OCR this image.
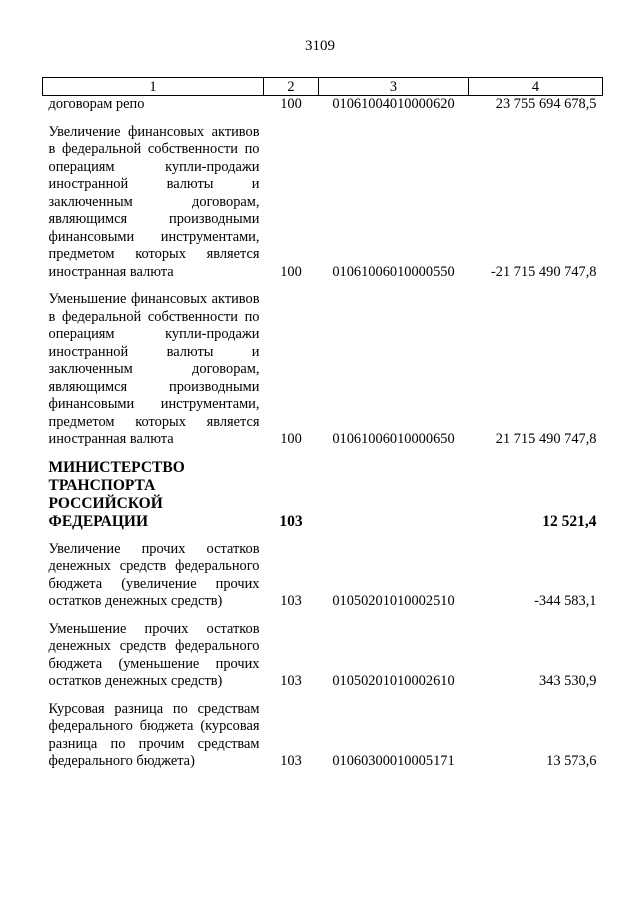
3109
1	2	3	4
договорам репо	100	01061004010000620	23 755 694 678,5
Увеличение финансовых активов в федеральной собственности по операциям купли-продажи иностранной валюты и заключенным договорам, являющимся производными финансовыми инструментами, предметом которых является иностранная валюта	100	01061006010000550	-21 715 490 747,8
Уменьшение финансовых активов в федеральной собственности по операциям купли-продажи иностранной валюты и заключенным договорам, являющимся производными финансовыми инструментами, предметом которых является иностранная валюта	100	01061006010000650	21 715 490 747,8
МИНИСТЕРСТВО ТРАНСПОРТА РОССИЙСКОЙ ФЕДЕРАЦИИ	103		12 521,4
Увеличение прочих остатков денежных средств федерального бюджета (увеличение прочих остатков денежных средств)	103	01050201010002510	-344 583,1
Уменьшение прочих остатков денежных средств федерального бюджета (уменьшение прочих остатков денежных средств)	103	01050201010002610	343 530,9
Курсовая разница по средствам федерального бюджета (курсовая разница по прочим средствам федерального бюджета)	103	01060300010005171	13 573,6
